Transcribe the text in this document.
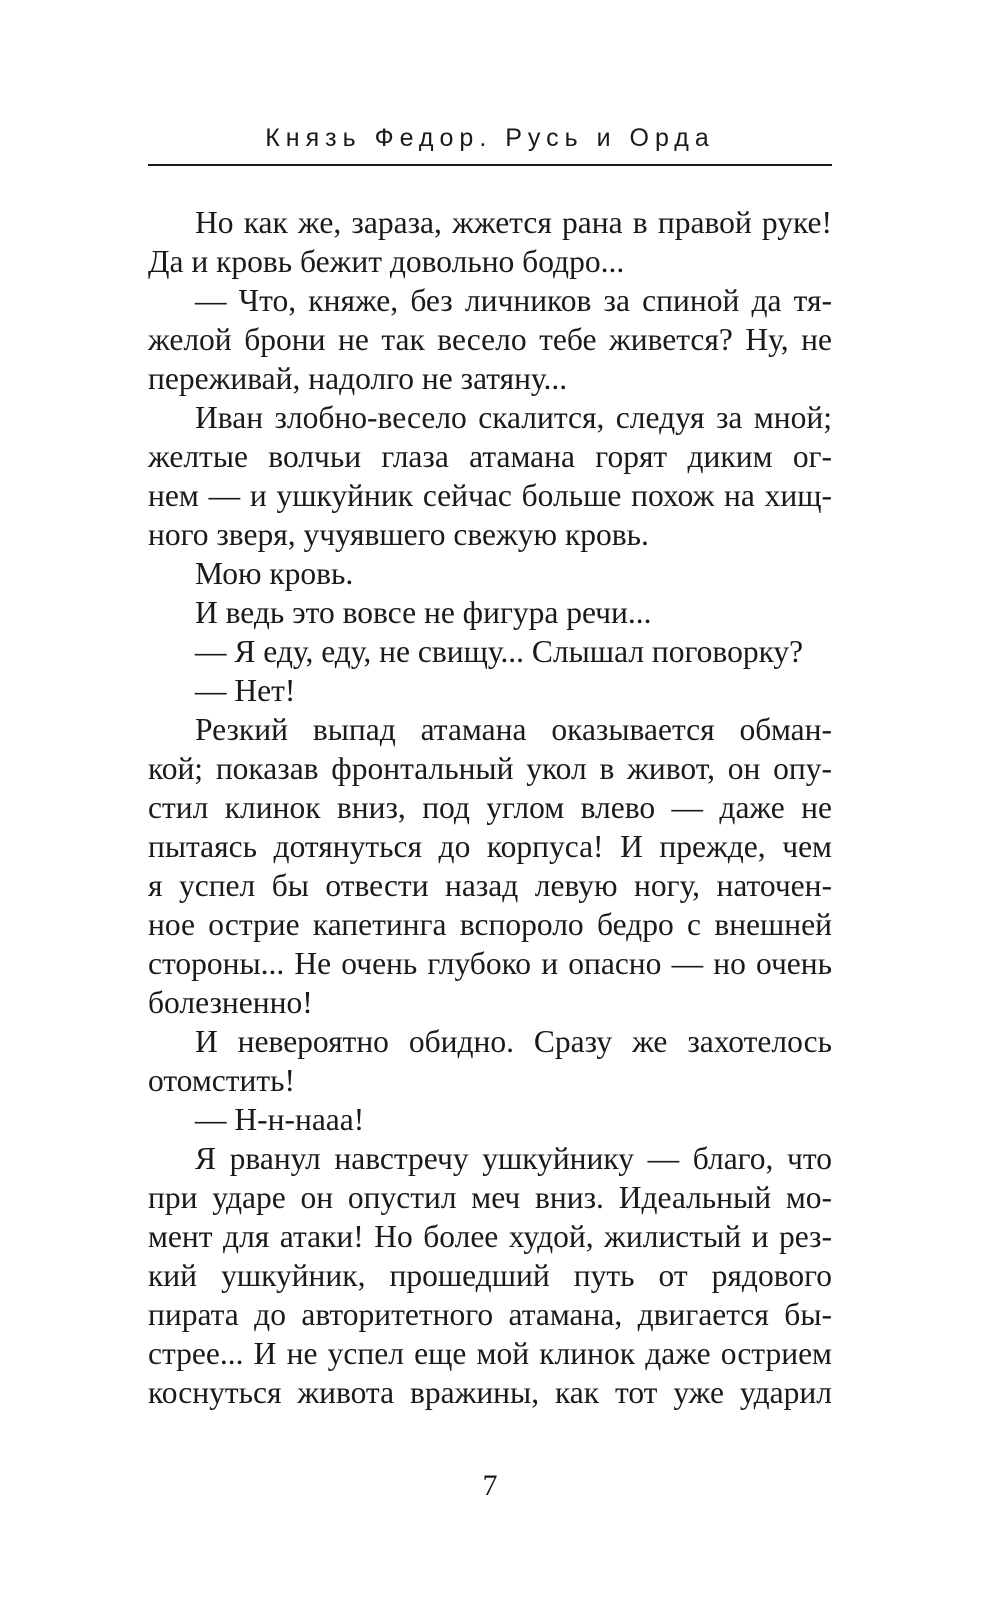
Князь Федор. Русь и Орда
Но как же, зараза, жжется рана в правой руке!
Да и кровь бежит довольно бодро...
— Что, княже, без личников за спиной да тя-
желой брони не так весело тебе живется? Ну, не
переживай, надолго не затяну...
Иван злобно-весело скалится, следуя за мной;
желтые волчьи глаза атамана горят диким ог-
нем — и ушкуйник сейчас больше похож на хищ-
ного зверя, учуявшего свежую кровь.
Мою кровь.
И ведь это вовсе не фигура речи...
— Я еду, еду, не свищу... Слышал поговорку?
— Нет!
Резкий выпад атамана оказывается обман-
кой; показав фронтальный укол в живот, он опу-
стил клинок вниз, под углом влево — даже не
пытаясь дотянуться до корпуса! И прежде, чем
я успел бы отвести назад левую ногу, наточен-
ное острие капетинга вспороло бедро с внешней
стороны... Не очень глубоко и опасно — но очень
болезненно!
И невероятно обидно. Сразу же захотелось
отомстить!
— Н-н-наaa!
Я рванул навстречу ушкуйнику — благо, что
при ударе он опустил меч вниз. Идеальный мо-
мент для атаки! Но более худой, жилистый и рез-
кий ушкуйник, прошедший путь от рядового
пирата до авторитетного атамана, двигается бы-
стрее... И не успел еще мой клинок даже острием
коснуться живота вражины, как тот уже ударил
7
